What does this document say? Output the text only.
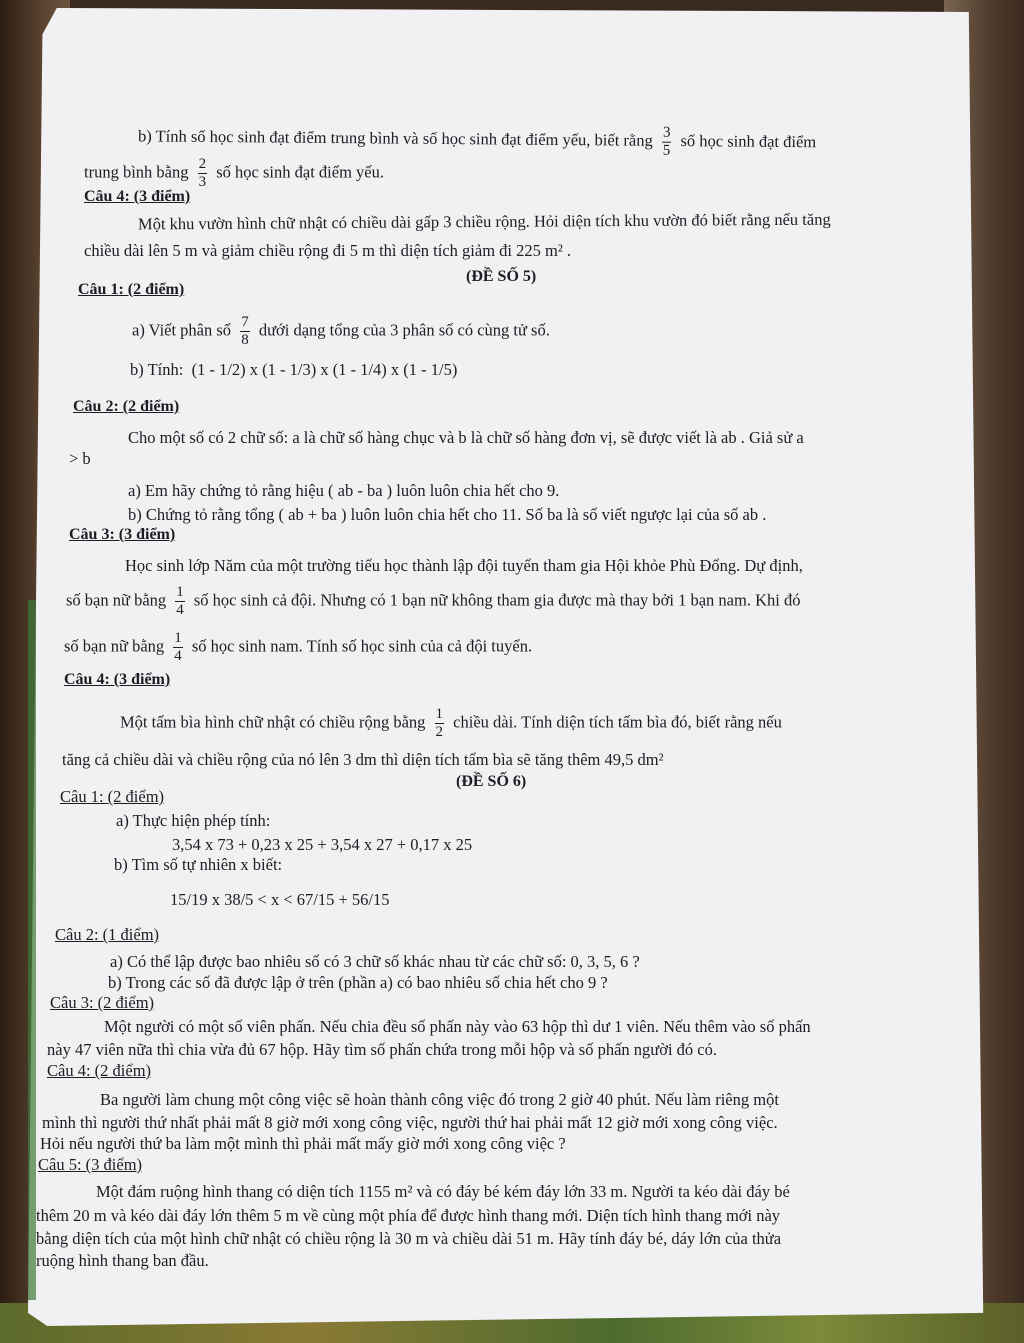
b) Tính số học sinh đạt điểm trung bình và số học sinh đạt điểm yếu, biết rằng $\frac{3}{5}$ số học sinh đạt điểm
trung bình bằng $\frac{2}{3}$ số học sinh đạt điểm yếu.
Câu 4: (3 điểm)
Một khu vườn hình chữ nhật có chiều dài gấp 3 chiều rộng. Hỏi diện tích khu vườn đó biết rằng nếu tăng
chiều dài lên 5 m và giảm chiều rộng đi 5 m thì diện tích giảm đi 225 m² .
(ĐỀ SỐ 5)
Câu 1: (2 điểm)
a) Viết phân số $\frac{7}{8}$ dưới dạng tổng của 3 phân số có cùng tử số.
b) Tính: (1 - 1/2) x (1 - 1/3) x (1 - 1/4) x (1 - 1/5)
Câu 2: (2 điểm)
Cho một số có 2 chữ số: a là chữ số hàng chục và b là chữ số hàng đơn vị, sẽ được viết là ab . Giả sử a
> b
a) Em hãy chứng tỏ rằng hiệu ( ab - ba ) luôn luôn chia hết cho 9.
b) Chứng tỏ rằng tổng ( ab + ba ) luôn luôn chia hết cho 11. Số ba là số viết ngược lại của số ab .
Câu 3: (3 điểm)
Học sinh lớp Năm của một trường tiểu học thành lập đội tuyển tham gia Hội khỏe Phù Đổng. Dự định,
số bạn nữ bằng $\frac{1}{4}$ số học sinh cả đội. Nhưng có 1 bạn nữ không tham gia được mà thay bởi 1 bạn nam. Khi đó
số bạn nữ bằng $\frac{1}{4}$ số học sinh nam. Tính số học sinh của cả đội tuyển.
Câu 4: (3 điểm)
Một tấm bìa hình chữ nhật có chiều rộng bằng $\frac{1}{2}$ chiều dài. Tính diện tích tấm bìa đó, biết rằng nếu
tăng cả chiều dài và chiều rộng của nó lên 3 dm thì diện tích tấm bìa sẽ tăng thêm 49,5 dm²
(ĐỀ SỐ 6)
Câu 1: (2 điểm)
a) Thực hiện phép tính:
3,54 x 73 + 0,23 x 25 + 3,54 x 27 + 0,17 x 25
b) Tìm số tự nhiên x biết:
15/19 x 38/5 < x < 67/15 + 56/15
Câu 2: (1 điểm)
a) Có thể lập được bao nhiêu số có 3 chữ số khác nhau từ các chữ số: 0, 3, 5, 6 ?
b) Trong các số đã được lập ở trên (phần a) có bao nhiêu số chia hết cho 9 ?
Câu 3: (2 điểm)
Một người có một số viên phấn. Nếu chia đều số phấn này vào 63 hộp thì dư 1 viên. Nếu thêm vào số phấn
này 47 viên nữa thì chia vừa đủ 67 hộp. Hãy tìm số phấn chứa trong mỗi hộp và số phấn người đó có.
Câu 4: (2 điểm)
Ba người làm chung một công việc sẽ hoàn thành công việc đó trong 2 giờ 40 phút. Nếu làm riêng một
mình thì người thứ nhất phải mất 8 giờ mới xong công việc, người thứ hai phải mất 12 giờ mới xong công việc.
Hỏi nếu người thứ ba làm một mình thì phải mất mấy giờ mới xong công việc ?
Câu 5: (3 điểm)
Một đám ruộng hình thang có diện tích 1155 m² và có đáy bé kém đáy lớn 33 m. Người ta kéo dài đáy bé
thêm 20 m và kéo dài đáy lớn thêm 5 m về cùng một phía để được hình thang mới. Diện tích hình thang mới này
bằng diện tích của một hình chữ nhật có chiều rộng là 30 m và chiều dài 51 m. Hãy tính đáy bé, dáy lớn của thửa
ruộng hình thang ban đầu.
